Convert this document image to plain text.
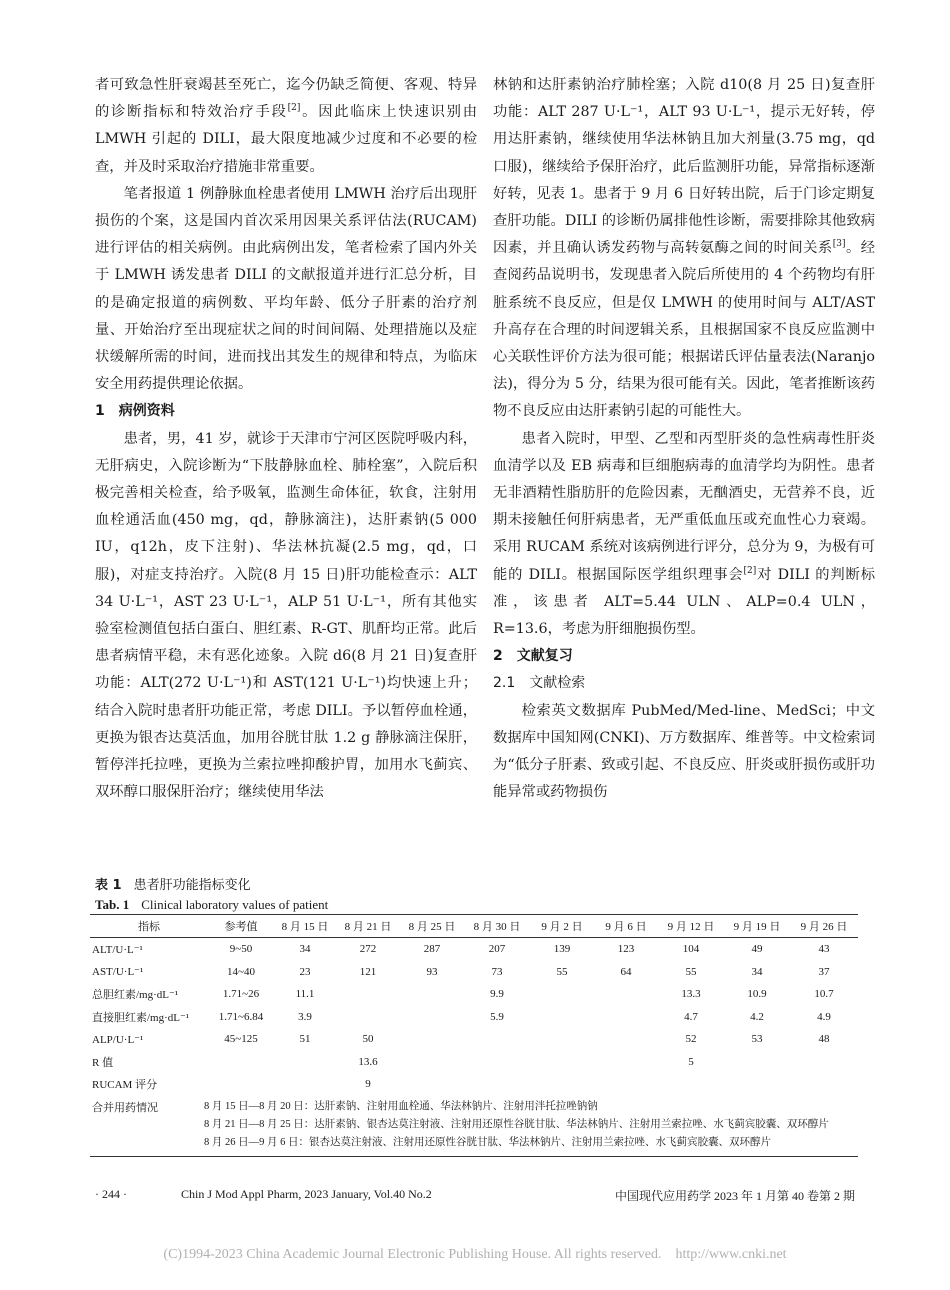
者可致急性肝衰竭甚至死亡，迄今仍缺乏简便、客观、特异的诊断指标和特效治疗手段[2]。因此临床上快速识别由 LMWH 引起的 DILI，最大限度地减少过度和不必要的检查，并及时采取治疗措施非常重要。

笔者报道 1 例静脉血栓患者使用 LMWH 治疗后出现肝损伤的个案，这是国内首次采用因果关系评估法(RUCAM)进行评估的相关病例。由此病例出发，笔者检索了国内外关于 LMWH 诱发患者 DILI 的文献报道并进行汇总分析，目的是确定报道的病例数、平均年龄、低分子肝素的治疗剂量、开始治疗至出现症状之间的时间间隔、处理措施以及症状缓解所需的时间，进而找出其发生的规律和特点，为临床安全用药提供理论依据。

1　病例资料

患者，男，41 岁，就诊于天津市宁河区医院呼吸内科，无肝病史，入院诊断为“下肢静脉血栓、肺栓塞”，入院后积极完善相关检查，给予吸氧，监测生命体征，软食，注射用血栓通活血(450 mg，qd，静脉滴注)，达肝素钠(5 000 IU，q12h，皮下注射)、华法林抗凝(2.5 mg，qd，口服)，对症支持治疗。入院(8 月 15 日)肝功能检查示：ALT 34 U·L⁻¹，AST 23 U·L⁻¹，ALP 51 U·L⁻¹，所有其他实验室检测值包括白蛋白、胆红素、R-GT、肌酐均正常。此后患者病情平稳，未有恶化迹象。入院 d6(8 月 21 日)复查肝功能：ALT(272 U·L⁻¹)和 AST(121 U·L⁻¹)均快速上升；结合入院时患者肝功能正常，考虑 DILI。予以暂停血栓通，更换为银杏达莫活血，加用谷胱甘肽 1.2 g 静脉滴注保肝，暂停泮托拉唑，更换为兰索拉唑抑酸护胃，加用水飞蓟宾、双环醇口服保肝治疗；继续使用华法

林钠和达肝素钠治疗肺栓塞；入院 d10(8 月 25 日)复查肝功能：ALT 287 U·L⁻¹，ALT 93 U·L⁻¹，提示无好转，停用达肝素钠，继续使用华法林钠且加大剂量(3.75 mg，qd 口服)，继续给予保肝治疗，此后监测肝功能，异常指标逐渐好转，见表 1。患者于 9 月 6 日好转出院，后于门诊定期复查肝功能。DILI 的诊断仍属排他性诊断，需要排除其他致病因素，并且确认诱发药物与高转氨酶之间的时间关系[3]。经查阅药品说明书，发现患者入院后所使用的 4 个药物均有肝脏系统不良反应，但是仅 LMWH 的使用时间与 ALT/AST 升高存在合理的时间逻辑关系，且根据国家不良反应监测中心关联性评价方法为很可能；根据诺氏评估量表法(Naranjo 法)，得分为 5 分，结果为很可能有关。因此，笔者推断该药物不良反应由达肝素钠引起的可能性大。

患者入院时，甲型、乙型和丙型肝炎的急性病毒性肝炎血清学以及 EB 病毒和巨细胞病毒的血清学均为阴性。患者无非酒精性脂肪肝的危险因素，无酗酒史，无营养不良，近期未接触任何肝病患者，无严重低血压或充血性心力衰竭。采用 RUCAM 系统对该病例进行评分，总分为 9，为极有可能的 DILI。根据国际医学组织理事会[2]对 DILI 的判断标准，该患者 ALT=5.44 ULN、ALP=0.4 ULN，R=13.6，考虑为肝细胞损伤型。

2　文献复习

2.1　文献检索

检索英文数据库 PubMed/Med-line、MedSci；中文数据库中国知网(CNKI)、万方数据库、维普等。中文检索词为“低分子肝素、致或引起、不良反应、肝炎或肝损伤或肝功能异常或药物损伤

表 1 患者肝功能指标变化
Tab. 1 Clinical laboratory values of patient
指标	参考值	8 月 15 日	8 月 21 日	8 月 25 日	8 月 30 日	9 月 2 日	9 月 6 日	9 月 12 日	9 月 19 日	9 月 26 日
ALT/U·L⁻¹	9~50	34	272	287	207	139	123	104	49	43
AST/U·L⁻¹	14~40	23	121	93	73	55	64	55	34	37
总胆红素/mg·dL⁻¹	1.71~26	11.1			9.9			13.3	10.9	10.7
直接胆红素/mg·dL⁻¹	1.71~6.84	3.9			5.9			4.7	4.2	4.9
ALP/U·L⁻¹	45~125	51	50					52	53	48
R 值			13.6					5		
RUCAM 评分			9							

合并用药情况 8 月 15 日—8 月 20 日：达肝素钠、注射用血栓通、华法林钠片、注射用泮托拉唑钠钠
8 月 21 日—8 月 25 日：达肝素钠、银杏达莫注射液、注射用还原性谷胱甘肽、华法林钠片、注射用兰索拉唑、水飞蓟宾胶囊、双环醇片
8 月 26 日—9 月 6 日：银杏达莫注射液、注射用还原性谷胱甘肽、华法林钠片、注射用兰索拉唑、水飞蓟宾胶囊、双环醇片										
· 244 ·	Chin J Mod Appl Pharm, 2023 January, Vol.40 No.2	中国现代应用药学 2023 年 1 月第 40 卷第 2 期
(C)1994-2023 China Academic Journal Electronic Publishing House. All rights reserved.　http://www.cnki.net
